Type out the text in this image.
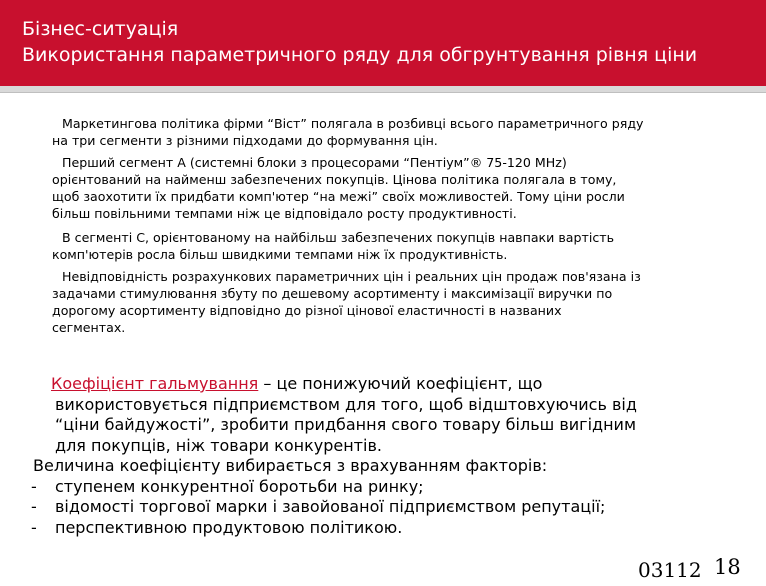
Бізнес-ситуація
Використання параметричного ряду для обгрунтування рівня ціни
Маркетингова політика фірми “Віст” полягала в розбивці всього параметричного ряду
на три сегменти з різними підходами до формування цін.
Перший сегмент А (системні блоки з процесорами “Пентіум”® 75-120 MHz)
орієнтований на найменш забезпечених покупців. Цінова політика полягала в тому,
щоб заохотити їх придбати комп'ютер “на межі” своїх можливостей. Тому ціни росли
більш повільними темпами ніж це відповідало росту продуктивності.
В сегменті С, орієнтованому на найбільш забезпечених покупців навпаки вартість
комп'ютерів росла більш швидкими темпами ніж їх продуктивність.
Невідповідність розрахункових параметричних цін і реальних цін продаж пов'язана із
задачами стимулювання збуту по дешевому асортименту і максимізації виручки по
дорогому асортименту відповідно до різної цінової еластичності в названих
сегментах.
Коефіцієнт гальмування – це понижуючий коефіцієнт, що
використовується підприємством для того, щоб відштовхуючись від
“ціни байдужості”, зробити придбання свого товару більш вигідним
для покупців, ніж товари конкурентів.
Величина коефіцієнту вибирається з врахуванням факторів:
-	ступенем конкурентної боротьби на ринку;
-	відомості торгової марки і завойованої підприємством репутації;
-	перспективною продуктовою політикою.
03112 18
